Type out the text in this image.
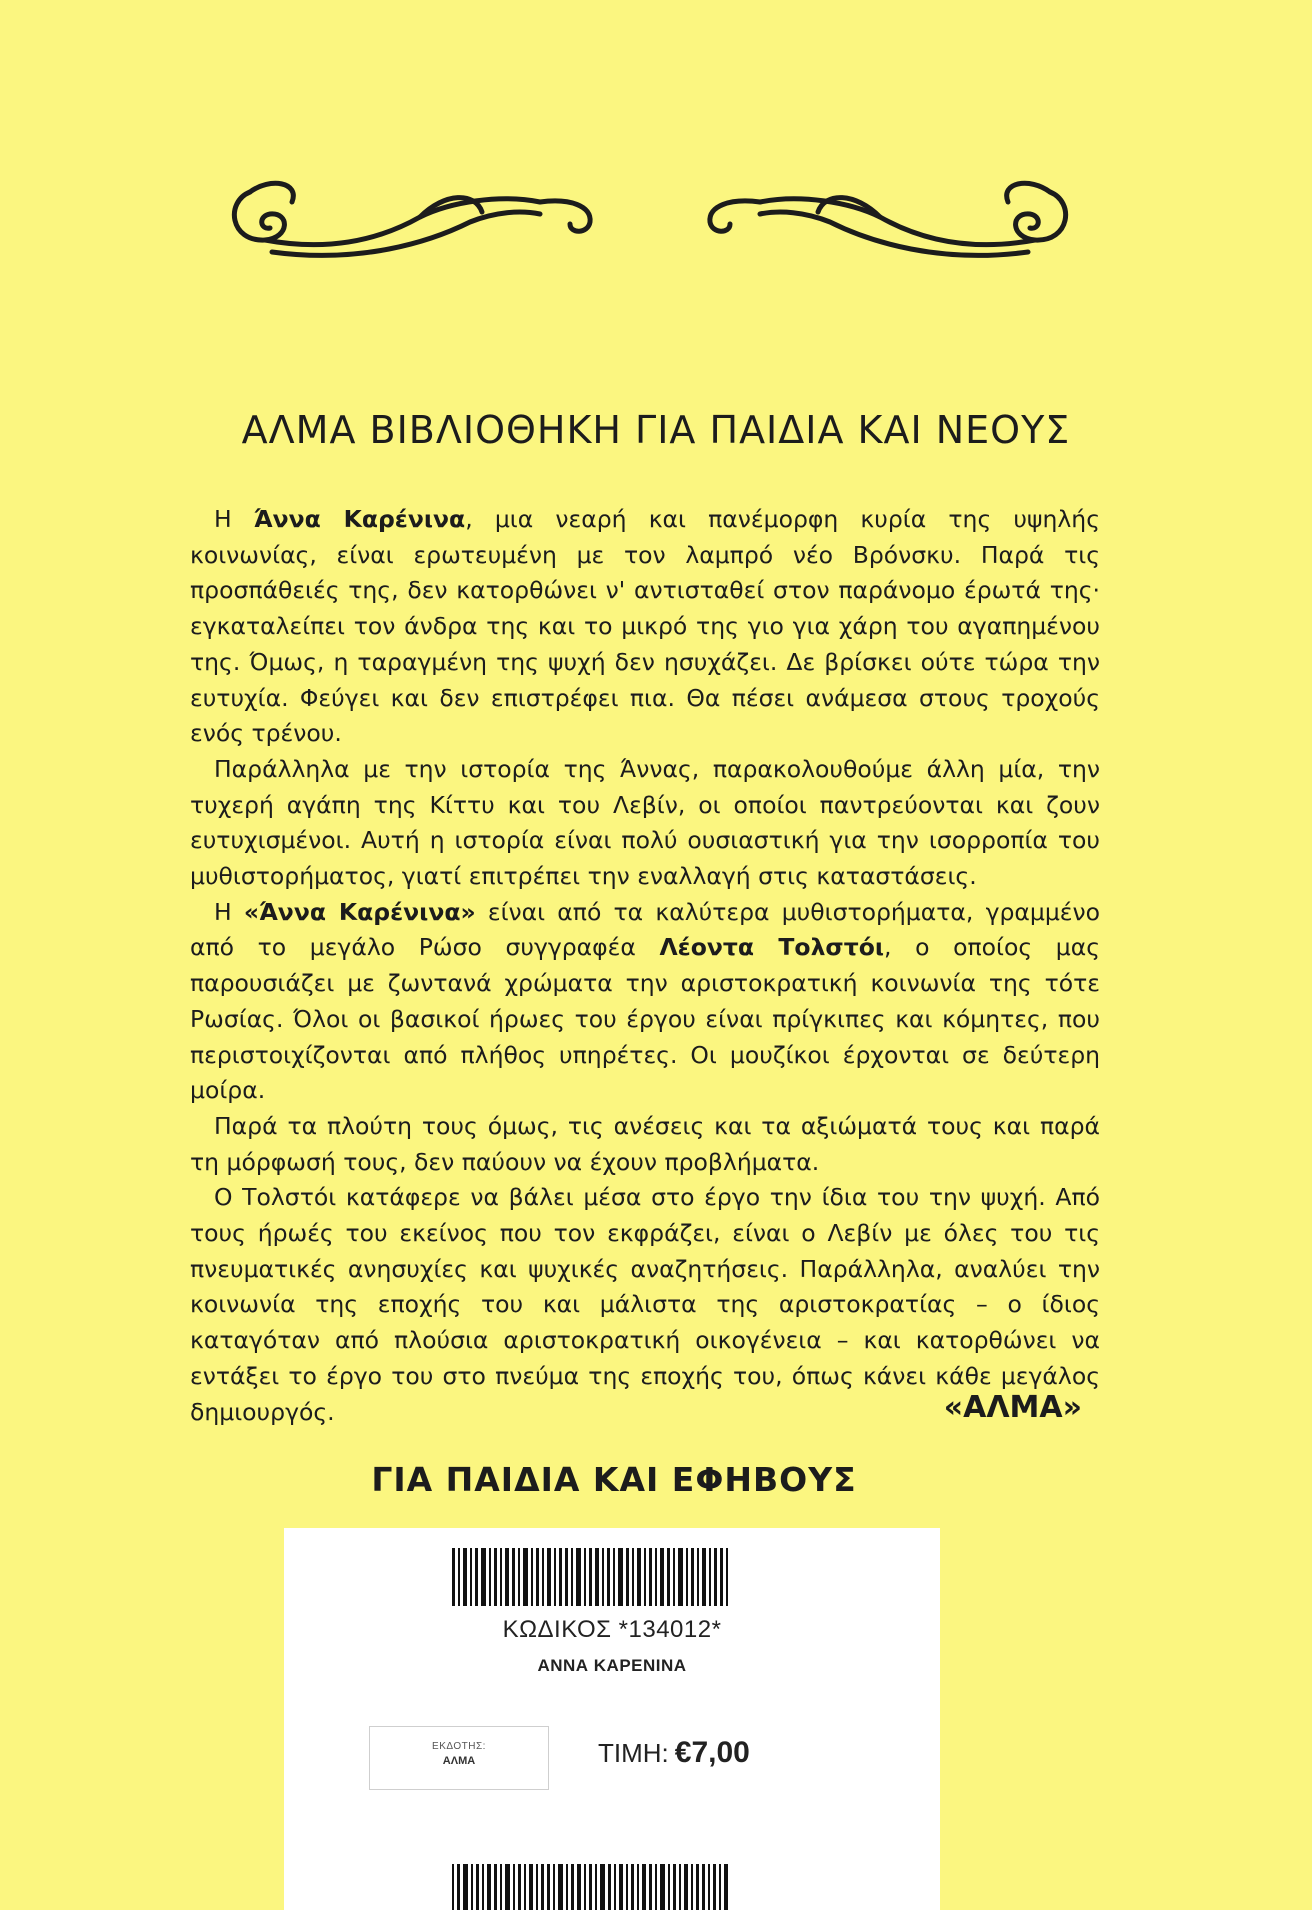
ΑΛΜΑ ΒΙΒΛΙΟΘΗΚΗ ΓΙΑ ΠΑΙΔΙΑ ΚΑΙ ΝΕΟΥΣ

Η Άννα Καρένινα, μια νεαρή και πανέμορφη κυρία της υψηλής κοινωνίας, είναι ερωτευμένη με τον λαμπρό νέο Βρόνσκυ. Παρά τις προσπάθειές της, δεν κατορθώνει ν' αντισταθεί στον παράνομο έρωτά της· εγκαταλείπει τον άνδρα της και το μικρό της γιο για χάρη του αγαπημένου της. Όμως, η ταραγμένη της ψυχή δεν ησυχάζει. Δε βρίσκει ούτε τώρα την ευτυχία. Φεύγει και δεν επιστρέφει πια. Θα πέσει ανάμεσα στους τροχούς ενός τρένου.

Παράλληλα με την ιστορία της Άννας, παρακολουθούμε άλλη μία, την τυχερή αγάπη της Κίττυ και του Λεβίν, οι οποίοι παντρεύονται και ζουν ευτυχισμένοι. Αυτή η ιστορία είναι πολύ ουσιαστική για την ισορροπία του μυθιστορήματος, γιατί επιτρέπει την εναλλαγή στις καταστάσεις.

Η «Άννα Καρένινα» είναι από τα καλύτερα μυθιστορήματα, γραμμένο από το μεγάλο Ρώσο συγγραφέα Λέοντα Τολστόι, ο οποίος μας παρουσιάζει με ζωντανά χρώματα την αριστοκρατική κοινωνία της τότε Ρωσίας. Όλοι οι βασικοί ήρωες του έργου είναι πρίγκιπες και κόμητες, που περιστοιχίζονται από πλήθος υπηρέτες. Οι μουζίκοι έρχονται σε δεύτερη μοίρα.

Παρά τα πλούτη τους όμως, τις ανέσεις και τα αξιώματά τους και παρά τη μόρφωσή τους, δεν παύουν να έχουν προβλήματα.

Ο Τολστόι κατάφερε να βάλει μέσα στο έργο την ίδια του την ψυχή. Από τους ήρωές του εκείνος που τον εκφράζει, είναι ο Λεβίν με όλες του τις πνευματικές ανησυχίες και ψυχικές αναζητήσεις. Παράλληλα, αναλύει την κοινωνία της εποχής του και μάλιστα της αριστοκρατίας – ο ίδιος καταγόταν από πλούσια αριστοκρατική οικογένεια – και κατορθώνει να εντάξει το έργο του στο πνεύμα της εποχής του, όπως κάνει κάθε μεγάλος δημιουργός.	«ΑΛΜΑ»
ΓΙΑ ΠΑΙΔΙΑ ΚΑΙ ΕΦΗΒΟΥΣ
ΚΩΔΙΚΟΣ *134012*
ΑΝΝΑ ΚΑΡΕΝΙΝΑ
ΕΚΔΟΤΗΣ:
ΑΛΜΑ	ΤΙΜΗ: €7,00
